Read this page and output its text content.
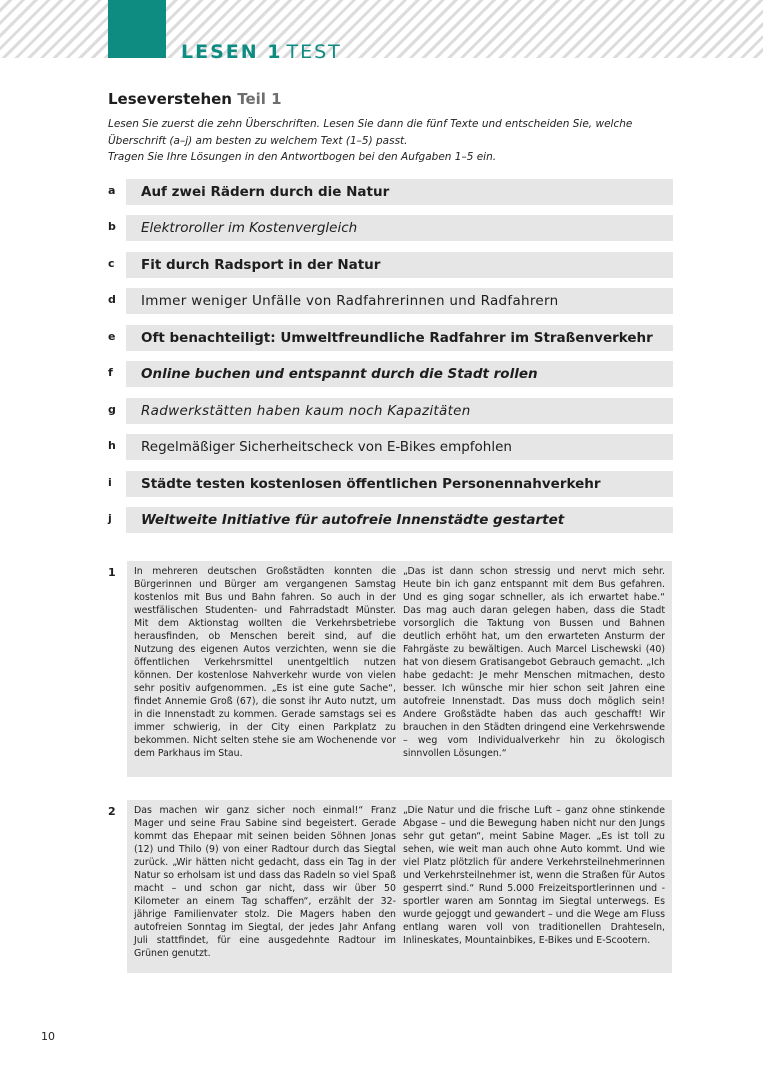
LESEN 1 TEST
Leseverstehen Teil 1

Lesen Sie zuerst die zehn Überschriften. Lesen Sie dann die fünf Texte und entscheiden Sie, welche

Überschrift (a–j) am besten zu welchem Text (1–5) passt.

Tragen Sie Ihre Lösungen in den Antwortbogen bei den Aufgaben 1–5 ein.

a	Auf zwei Rädern durch die Natur
b	Elektroroller im Kostenvergleich
c	Fit durch Radsport in der Natur
d	Immer weniger Unfälle von Radfahrerinnen und Radfahrern
e	Oft benachteiligt: Umweltfreundliche Radfahrer im Straßenverkehr
f	Online buchen und entspannt durch die Stadt rollen
g	Radwerkstätten haben kaum noch Kapazitäten
h	Regelmäßiger Sicherheitscheck von E-Bikes empfohlen
i	Städte testen kostenlosen öffentlichen Personennahverkehr
j	Weltweite Initiative für autofreie Innenstädte gestartet
1 In mehreren deutschen Großstädten konnten die Bürgerinnen und Bürger am vergangenen Samstag kostenlos mit Bus und Bahn fahren. So auch in der westfälischen Studenten- und Fahrradstadt Münster. Mit dem Aktionstag wollten die Verkehrsbetriebe herausfinden, ob Menschen bereit sind, auf die Nutzung des eigenen Autos verzichten, wenn sie die öffentlichen Verkehrsmittel unentgeltlich nutzen können. Der kostenlose Nahverkehr wurde von vielen sehr positiv aufgenommen. „Es ist eine gute Sache“, findet Annemie Groß (67), die sonst ihr Auto nutzt, um in die Innenstadt zu kommen. Gerade samstags sei es immer schwierig, in der City einen Parkplatz zu bekommen. Nicht selten stehe sie am Wochenende vor dem Parkhaus im Stau.

„Das ist dann schon stressig und nervt mich sehr. Heute bin ich ganz entspannt mit dem Bus gefahren. Und es ging sogar schneller, als ich erwartet habe.“ Das mag auch daran gelegen haben, dass die Stadt vorsorglich die Taktung von Bussen und Bahnen deutlich erhöht hat, um den erwarteten Ansturm der Fahrgäste zu bewältigen. Auch Marcel Lischewski (40) hat von diesem Gratisangebot Gebrauch gemacht. „Ich habe gedacht: Je mehr Menschen mitmachen, desto besser. Ich wünsche mir hier schon seit Jahren eine autofreie Innenstadt. Das muss doch möglich sein! Andere Großstädte haben das auch geschafft! Wir brauchen in den Städten dringend eine Verkehrswende – weg vom Individualverkehr hin zu ökologisch sinnvollen Lösungen.“

2 Das machen wir ganz sicher noch einmal!“ Franz Mager und seine Frau Sabine sind begeistert. Gerade kommt das Ehepaar mit seinen beiden Söhnen Jonas (12) und Thilo (9) von einer Radtour durch das Siegtal zurück. „Wir hätten nicht gedacht, dass ein Tag in der Natur so erholsam ist und dass das Radeln so viel Spaß macht – und schon gar nicht, dass wir über 50 Kilometer an einem Tag schaffen“, erzählt der 32-jährige Familienvater stolz. Die Magers haben den autofreien Sonntag im Siegtal, der jedes Jahr Anfang Juli stattfindet, für eine ausgedehnte Radtour im Grünen genutzt.

„Die Natur und die frische Luft – ganz ohne stinkende Abgase – und die Bewegung haben nicht nur den Jungs sehr gut getan“, meint Sabine Mager. „Es ist toll zu sehen, wie weit man auch ohne Auto kommt. Und wie viel Platz plötzlich für andere Verkehrsteilnehmerinnen und Verkehrsteilnehmer ist, wenn die Straßen für Autos gesperrt sind.“ Rund 5.000 Freizeitsportlerinnen und -sportler waren am Sonntag im Siegtal unterwegs. Es wurde gejoggt und gewandert – und die Wege am Fluss entlang waren voll von traditionellen Drahteseln, Inlineskates, Mountainbikes, E-Bikes und E-Scootern.

10
